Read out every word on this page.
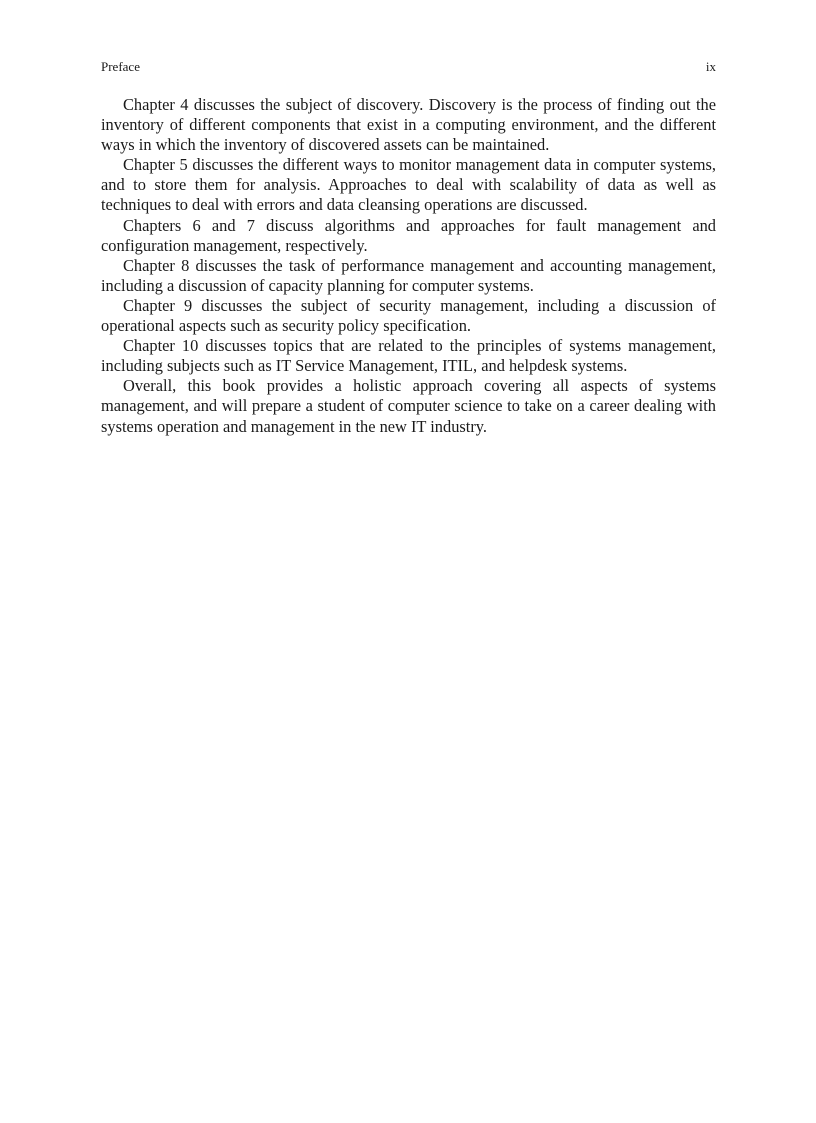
Preface	ix

Chapter 4 discusses the subject of discovery. Discovery is the process of finding out the inventory of different components that exist in a computing environment, and the different ways in which the inventory of discovered assets can be maintained.

Chapter 5 discusses the different ways to monitor management data in computer systems, and to store them for analysis. Approaches to deal with scalability of data as well as techniques to deal with errors and data cleansing operations are discussed.

Chapters 6 and 7 discuss algorithms and approaches for fault management and configuration management, respectively.

Chapter 8 discusses the task of performance management and accounting management, including a discussion of capacity planning for computer systems.

Chapter 9 discusses the subject of security management, including a discussion of operational aspects such as security policy specification.

Chapter 10 discusses topics that are related to the principles of systems management, including subjects such as IT Service Management, ITIL, and helpdesk systems.

Overall, this book provides a holistic approach covering all aspects of systems management, and will prepare a student of computer science to take on a career dealing with systems operation and management in the new IT industry.
